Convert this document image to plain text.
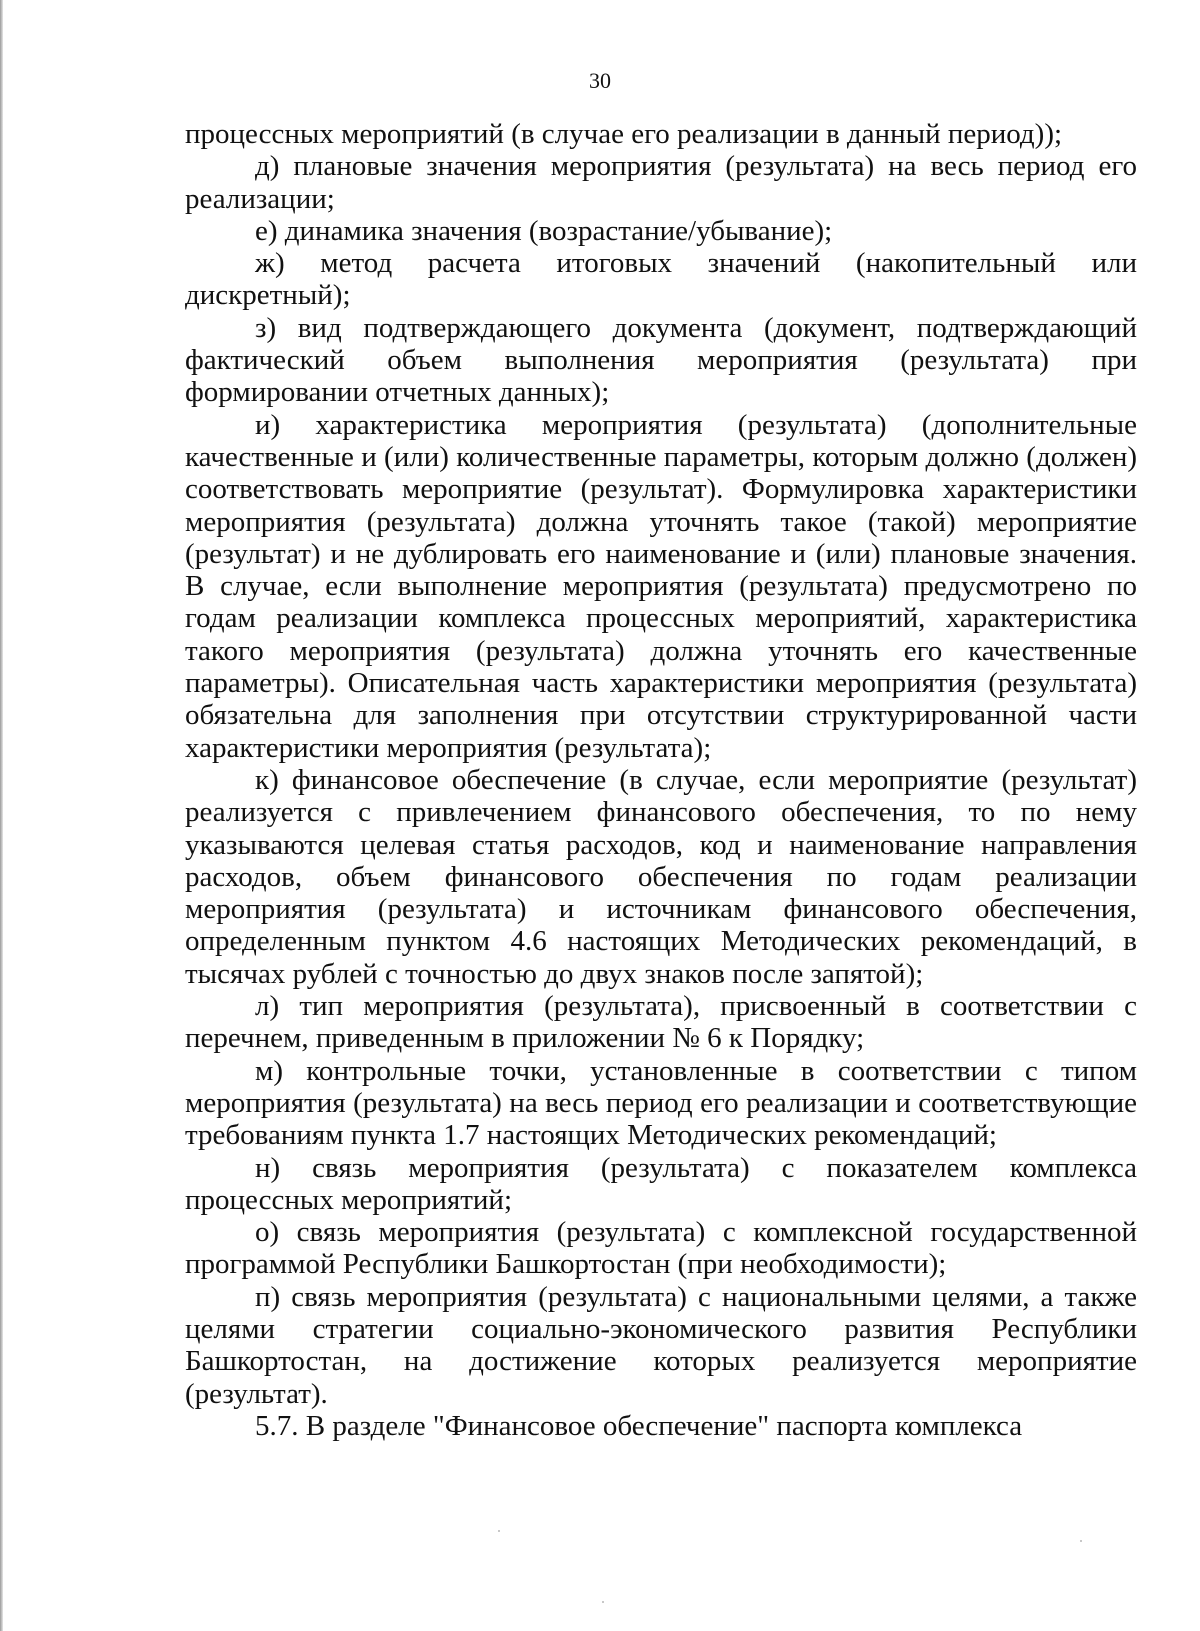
30

процессных мероприятий (в случае его реализации в данный период));

д) плановые значения мероприятия (результата) на весь период его реализации;

е) динамика значения (возрастание/убывание);

ж) метод расчета итоговых значений (накопительный или дискретный);

з) вид подтверждающего документа (документ, подтверждающий фактический объем выполнения мероприятия (результата) при формировании отчетных данных);

и) характеристика мероприятия (результата) (дополнительные качественные и (или) количественные параметры, которым должно (должен) соответствовать мероприятие (результат). Формулировка характеристики мероприятия (результата) должна уточнять такое (такой) мероприятие (результат) и не дублировать его наименование и (или) плановые значения. В случае, если выполнение мероприятия (результата) предусмотрено по годам реализации комплекса процессных мероприятий, характеристика такого мероприятия (результата) должна уточнять его качественные параметры). Описательная часть характеристики мероприятия (результата) обязательна для заполнения при отсутствии структурированной части характеристики мероприятия (результата);

к) финансовое обеспечение (в случае, если мероприятие (результат) реализуется с привлечением финансового обеспечения, то по нему указываются целевая статья расходов, код и наименование направления расходов, объем финансового обеспечения по годам реализации мероприятия (результата) и источникам финансового обеспечения, определенным пунктом 4.6 настоящих Методических рекомендаций, в тысячах рублей с точностью до двух знаков после запятой);

л) тип мероприятия (результата), присвоенный в соответствии с перечнем, приведенным в приложении № 6 к Порядку;

м) контрольные точки, установленные в соответствии с типом мероприятия (результата) на весь период его реализации и соответствующие требованиям пункта 1.7 настоящих Методических рекомендаций;

н) связь мероприятия (результата) с показателем комплекса процессных мероприятий;

о) связь мероприятия (результата) с комплексной государственной программой Республики Башкортостан (при необходимости);

п) связь мероприятия (результата) с национальными целями, а также целями стратегии социально-экономического развития Республики Башкортостан, на достижение которых реализуется мероприятие (результат).

5.7. В разделе "Финансовое обеспечение" паспорта комплекса
